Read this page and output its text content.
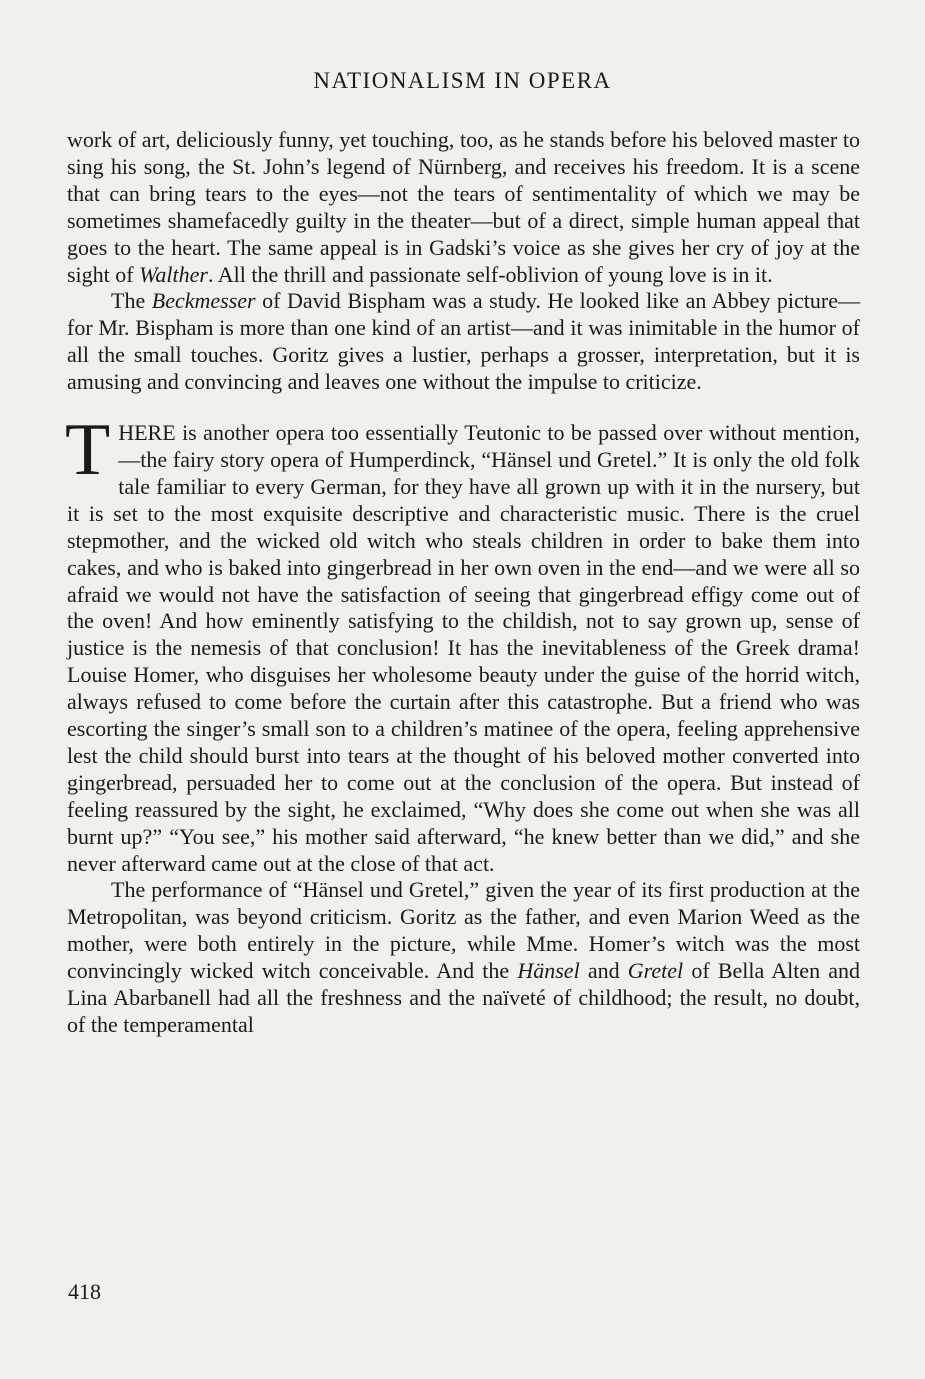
NATIONALISM IN OPERA

work of art, deliciously funny, yet touching, too, as he stands before his beloved master to sing his song, the St. John’s legend of Nürnberg, and receives his freedom. It is a scene that can bring tears to the eyes—not the tears of sentimentality of which we may be sometimes shamefacedly guilty in the theater—but of a direct, simple human appeal that goes to the heart. The same appeal is in Gadski’s voice as she gives her cry of joy at the sight of Walther. All the thrill and passionate self-oblivion of young love is in it.

The Beckmesser of David Bispham was a study. He looked like an Abbey picture—for Mr. Bispham is more than one kind of an artist—and it was inimitable in the humor of all the small touches. Goritz gives a lustier, perhaps a grosser, interpretation, but it is amusing and convincing and leaves one without the impulse to criticize.

THERE is another opera too essentially Teutonic to be passed over without mention,—the fairy story opera of Humperdinck, “Hänsel und Gretel.” It is only the old folk tale familiar to every German, for they have all grown up with it in the nursery, but it is set to the most exquisite descriptive and characteristic music. There is the cruel stepmother, and the wicked old witch who steals children in order to bake them into cakes, and who is baked into gingerbread in her own oven in the end—and we were all so afraid we would not have the satisfaction of seeing that gingerbread effigy come out of the oven! And how eminently satisfying to the childish, not to say grown up, sense of justice is the nemesis of that conclusion! It has the inevitableness of the Greek drama! Louise Homer, who disguises her wholesome beauty under the guise of the horrid witch, always refused to come before the curtain after this catastrophe. But a friend who was escorting the singer’s small son to a children’s matinee of the opera, feeling apprehensive lest the child should burst into tears at the thought of his beloved mother converted into gingerbread, persuaded her to come out at the conclusion of the opera. But instead of feeling reassured by the sight, he exclaimed, “Why does she come out when she was all burnt up?” “You see,” his mother said afterward, “he knew better than we did,” and she never afterward came out at the close of that act.

The performance of “Hänsel und Gretel,” given the year of its first production at the Metropolitan, was beyond criticism. Goritz as the father, and even Marion Weed as the mother, were both entirely in the picture, while Mme. Homer’s witch was the most convincingly wicked witch conceivable. And the Hänsel and Gretel of Bella Alten and Lina Abarbanell had all the freshness and the naïveté of childhood; the result, no doubt, of the temperamental

418
